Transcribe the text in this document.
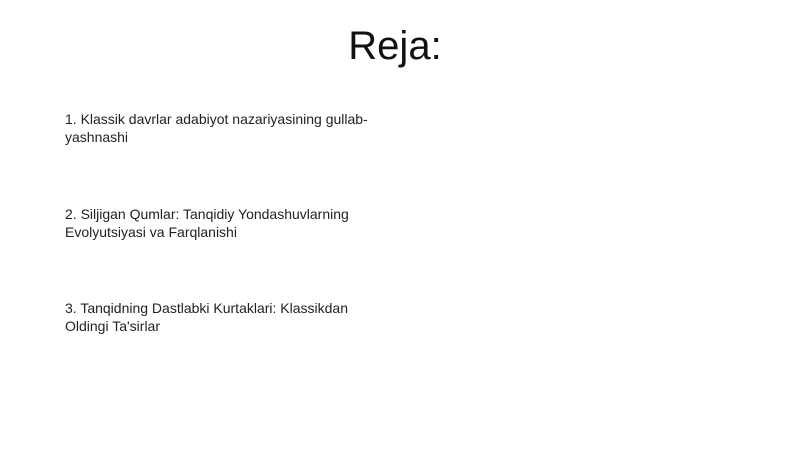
Reja:
1. Klassik davrlar adabiyot nazariyasining gullab-yashnashi
2. Siljigan Qumlar: Tanqidiy Yondashuvlarning Evolyutsiyasi va Farqlanishi
3. Tanqidning Dastlabki Kurtaklari: Klassikdan Oldingi Ta'sirlar
